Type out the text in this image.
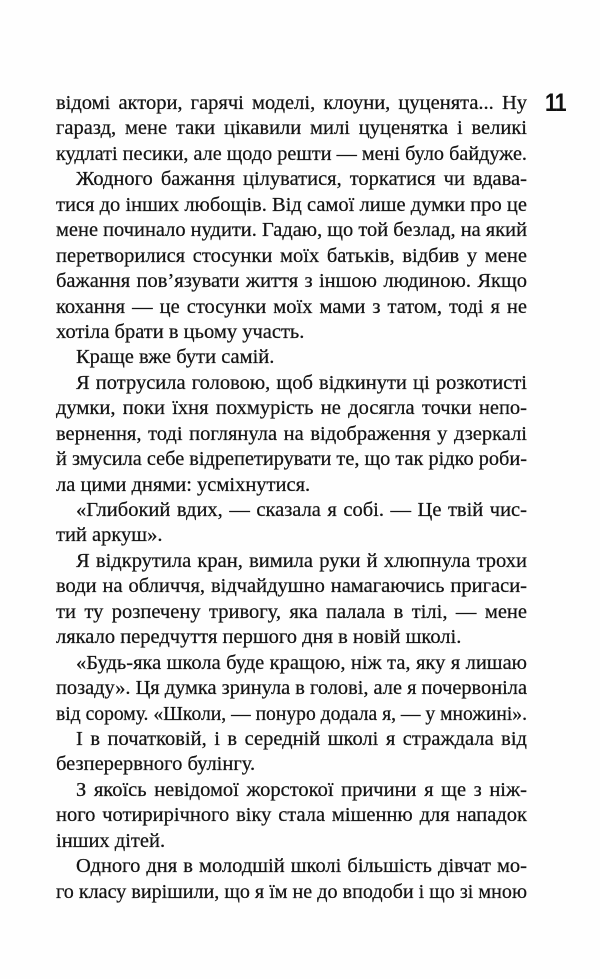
11
відомі актори, гарячі моделі, клоуни, цуценята... Ну
гаразд, мене таки цікавили милі цуценятка і великі
кудлаті песики, але щодо решти — мені було байдуже.
Жодного бажання цілуватися, торкатися чи вдава-
тися до інших любощів. Від самої лише думки про це
мене починало нудити. Гадаю, що той безлад, на який
перетворилися стосунки моїх батьків, відбив у мене
бажання пов’язувати життя з іншою людиною. Якщо
кохання — це стосунки моїх мами з татом, тоді я не
хотіла брати в цьому участь.
Краще вже бути самій.
Я потрусила головою, щоб відкинути ці розкотисті
думки, поки їхня похмурість не досягла точки непо-
вернення, тоді поглянула на відображення у дзеркалі
й змусила себе відрепетирувати те, що так рідко роби-
ла цими днями: усміхнутися.
«Глибокий вдих, — сказала я собі. — Це твій чис-
тий аркуш».
Я відкрутила кран, вимила руки й хлюпнула трохи
води на обличчя, відчайдушно намагаючись пригаси-
ти ту розпечену тривогу, яка палала в тілі, — мене
лякало передчуття першого дня в новій школі.
«Будь-яка школа буде кращою, ніж та, яку я лишаю
позаду». Ця думка зринула в голові, але я почервоніла
від сорому. «Школи, — понуро додала я, — у множині».
І в початковій, і в середній школі я страждала від
безперервного булінгу.
З якоїсь невідомої жорстокої причини я ще з ніж-
ного чотирирічного віку стала мішенню для нападок
інших дітей.
Одного дня в молодшій школі більшість дівчат мо-
го класу вирішили, що я їм не до вподоби і що зі мною
